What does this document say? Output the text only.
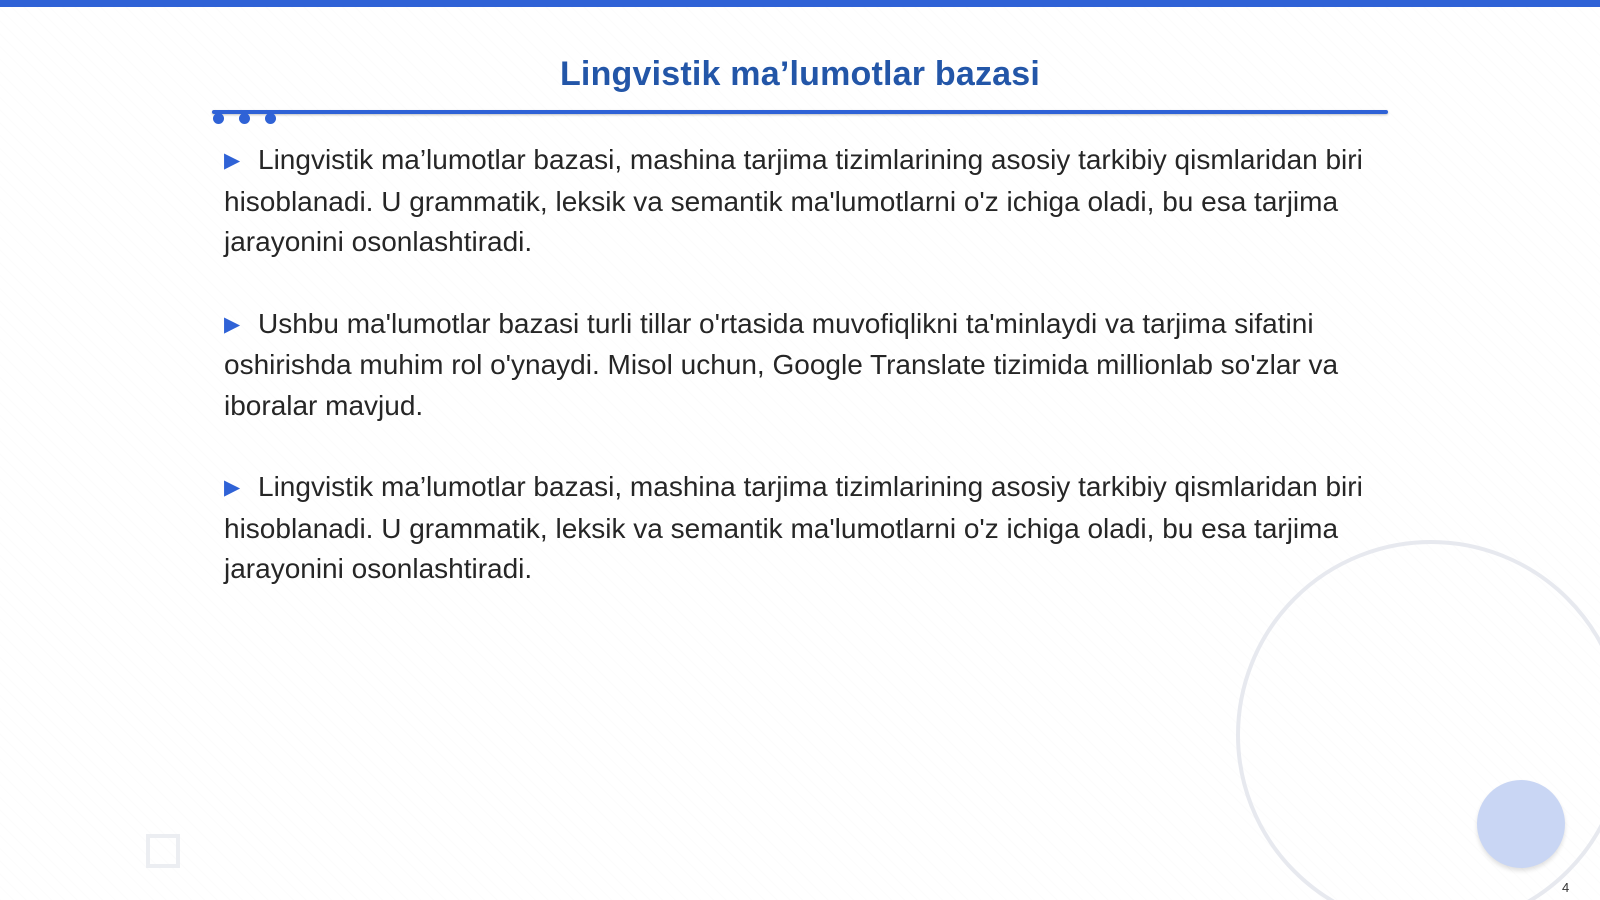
Lingvistik ma’lumotlar bazasi

▶ Lingvistik ma’lumotlar bazasi, mashina tarjima tizimlarining asosiy tarkibiy qismlaridan biri hisoblanadi. U grammatik, leksik va semantik ma'lumotlarni o'z ichiga oladi, bu esa tarjima jarayonini osonlashtiradi.

▶ Ushbu ma'lumotlar bazasi turli tillar o'rtasida muvofiqlikni ta'minlaydi va tarjima sifatini oshirishda muhim rol o'ynaydi. Misol uchun, Google Translate tizimida millionlab so'zlar va iboralar mavjud.

▶ Lingvistik ma’lumotlar bazasi, mashina tarjima tizimlarining asosiy tarkibiy qismlaridan biri hisoblanadi. U grammatik, leksik va semantik ma'lumotlarni o'z ichiga oladi, bu esa tarjima jarayonini osonlashtiradi.

4
